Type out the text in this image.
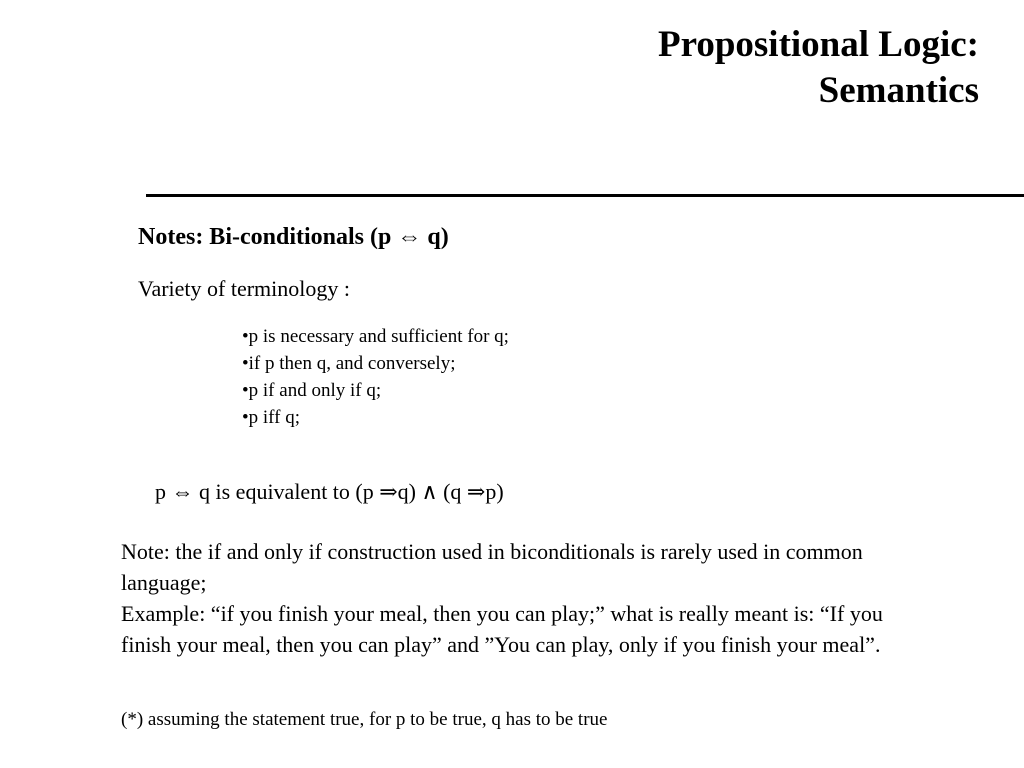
Propositional Logic:
Semantics
Notes: Bi-conditionals (p ⇔ q)
Variety of terminology :
•p is necessary and sufficient for q;
•if p then q, and conversely;
•p if and only if q;
•p iff q;
p ⇔ q is equivalent to (p ⇒q) ∧ (q ⇒p)

Note: the if and only if construction used in biconditionals is rarely used in common language;

Example: “if you finish your meal, then you can play;” what is really meant is: “If you finish your meal, then you can play” and ”You can play, only if you finish your meal”.

(*) assuming the statement true, for p to be true, q has to be true
